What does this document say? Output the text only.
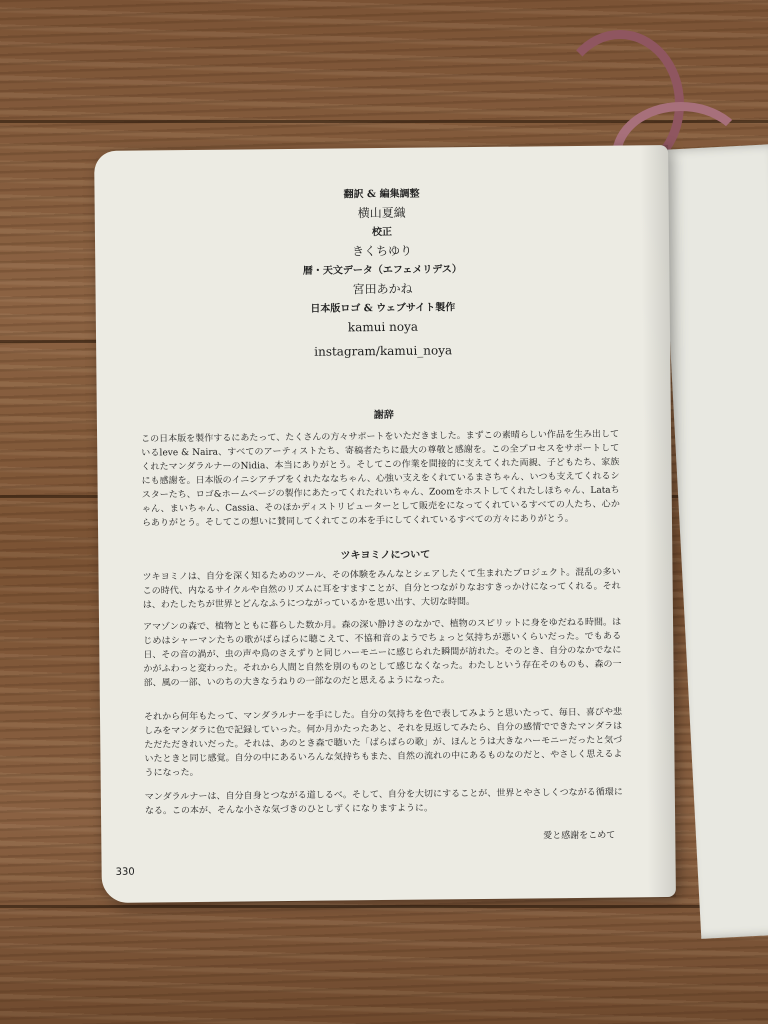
翻訳 & 編集調整

横山夏織

校正

きくちゆり

暦・天文データ（エフェメリデス）

宮田あかね

日本版ロゴ & ウェブサイト製作

kamui noya

instagram/kamui_noya

謝辞

この日本版を製作するにあたって、たくさんの方々サポートをいただきました。まずこの素晴らしい作品を生み出しているleve & Naira、すべてのアーティストたち、寄稿者たちに最大の尊敬と感謝を。この全プロセスをサポートしてくれたマンダラルナーのNidia、本当にありがとう。そしてこの作業を間接的に支えてくれた両親、子どもたち、家族にも感謝を。日本版のイニシアチブをくれたななちゃん、心強い支えをくれているまさちゃん、いつも支えてくれるシスターたち、ロゴ&ホームページの製作にあたってくれたれいちゃん、Zoomをホストしてくれたしほちゃん、Lataちゃん、まいちゃん、Cassia、そのほかディストリビューターとして販売をになってくれているすべての人たち、心からありがとう。そしてこの想いに賛同してくれてこの本を手にしてくれているすべての方々にありがとう。

ツキヨミノについて

ツキヨミノは、自分を深く知るためのツール、その体験をみんなとシェアしたくて生まれたプロジェクト。混乱の多いこの時代、内なるサイクルや自然のリズムに耳をすますことが、自分とつながりなおすきっかけになってくれる。それは、わたしたちが世界とどんなふうにつながっているかを思い出す、大切な時間。

アマゾンの森で、植物とともに暮らした数か月。森の深い静けさのなかで、植物のスピリットに身をゆだねる時間。はじめはシャーマンたちの歌がばらばらに聴こえて、不協和音のようでちょっと気持ちが悪いくらいだった。でもある日、その音の渦が、虫の声や鳥のさえずりと同じハーモニーに感じられた瞬間が訪れた。そのとき、自分のなかでなにかがふわっと変わった。それから人間と自然を別のものとして感じなくなった。わたしという存在そのものも、森の一部、風の一部、いのちの大きなうねりの一部なのだと思えるようになった。

それから何年もたって、マンダラルナーを手にした。自分の気持ちを色で表してみようと思いたって、毎日、喜びや悲しみをマンダラに色で記録していった。何か月かたったあと、それを見返してみたら、自分の感情でできたマンダラはただただきれいだった。それは、あのとき森で聴いた「ばらばらの歌」が、ほんとうは大きなハーモニーだったと気づいたときと同じ感覚。自分の中にあるいろんな気持ちもまた、自然の流れの中にあるものなのだと、やさしく思えるようになった。

マンダラルナーは、自分自身とつながる道しるべ。そして、自分を大切にすることが、世界とやさしくつながる循環になる。この本が、そんな小さな気づきのひとしずくになりますように。

愛と感謝をこめて
330
